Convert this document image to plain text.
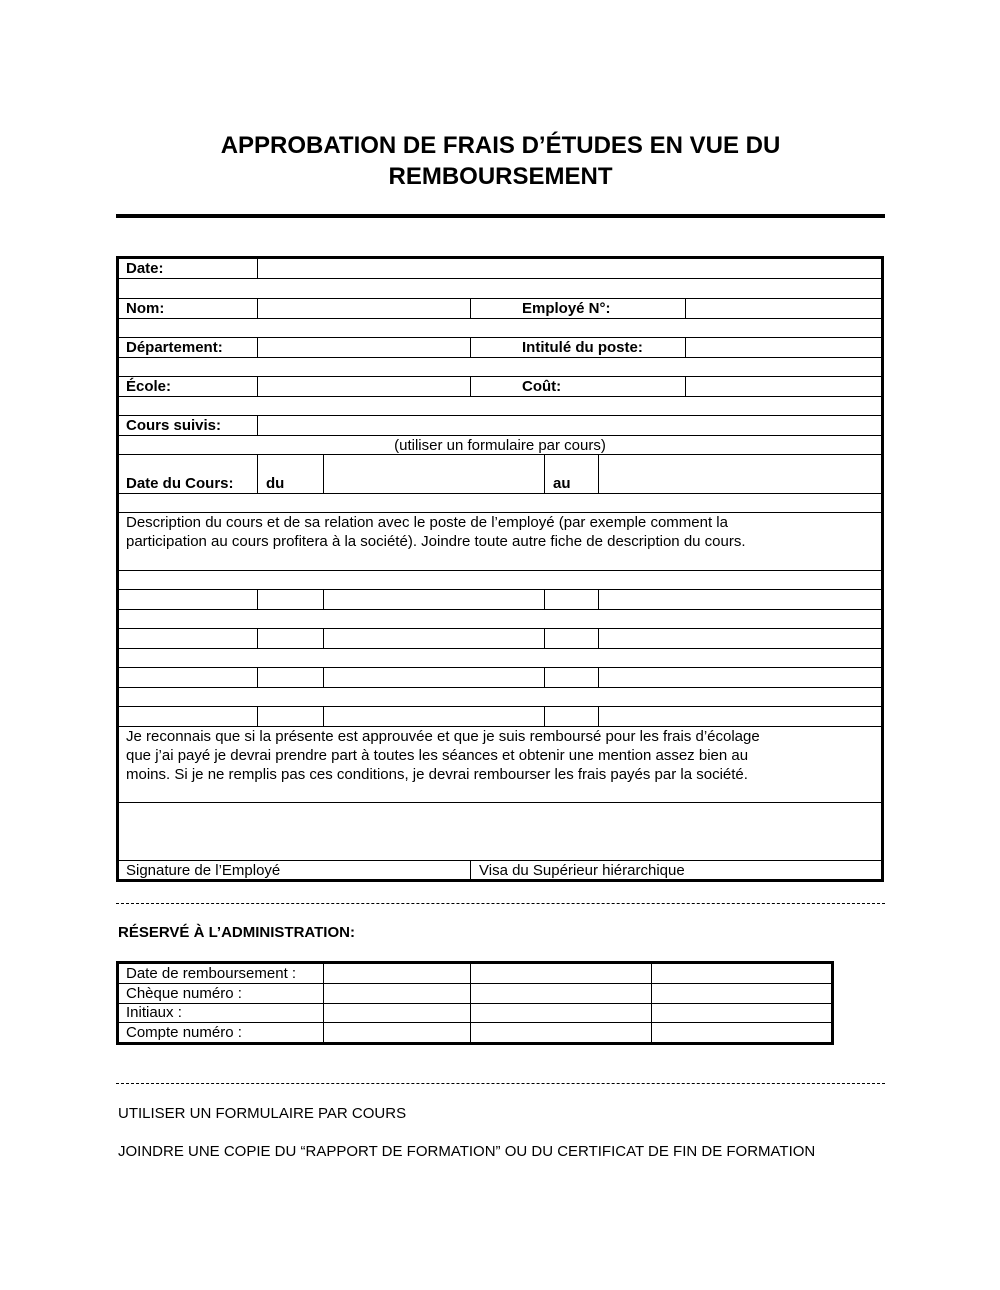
APPROBATION DE FRAIS D’ÉTUDES EN VUE DU
REMBOURSEMENT
Date:
Nom:	Employé N°:
Département:	Intitulé du poste:
École:	Coût:
Cours suivis:
(utiliser un formulaire par cours)
Date du Cours: du	au
Description du cours et de sa relation avec le poste de l’employé (par exemple comment la participation au cours profitera à la société). Joindre toute autre fiche de description du cours.
Je reconnais que si la présente est approuvée et que je suis remboursé pour les frais d’écolage que j’ai payé je devrai prendre part à toutes les séances et obtenir une mention assez bien au moins. Si je ne remplis pas ces conditions, je devrai rembourser les frais payés par la société.
Signature de l’Employé	Visa du Supérieur hiérarchique
RÉSERVÉ À L’ADMINISTRATION:
Date de remboursement :
Chèque numéro :
Initiaux :
Compte numéro :
UTILISER UN FORMULAIRE PAR COURS
JOINDRE UNE COPIE DU “RAPPORT DE FORMATION” OU DU CERTIFICAT DE FIN DE FORMATION
